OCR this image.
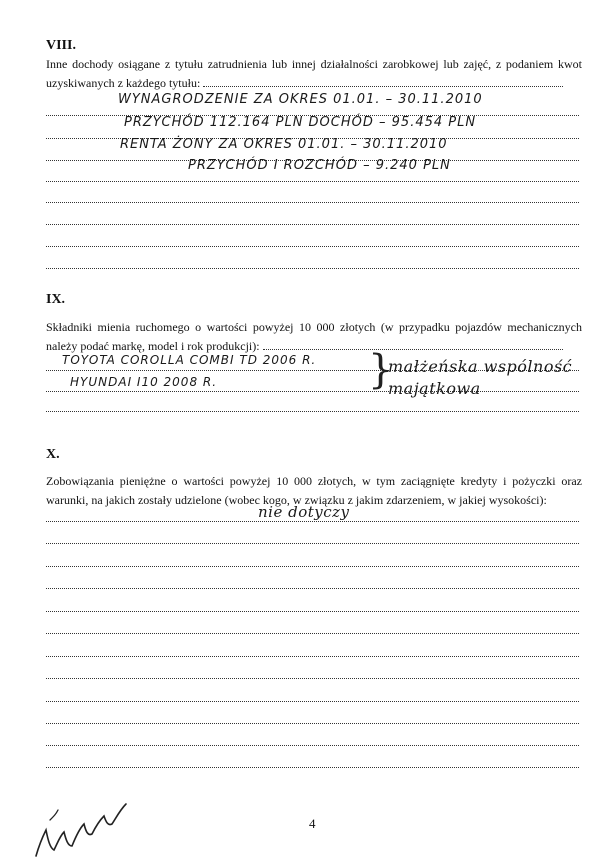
VIII.
Inne dochody osiągane z tytułu zatrudnienia lub innej działalności zarobkowej lub zajęć, z podaniem kwot uzyskiwanych z każdego tytułu:
WYNAGRODZENIE ZA OKRES 01.01. – 30.11.2010
PRZYCHÓD 112.164 PLN DOCHÓD – 95.454 PLN
RENTA ŻONY ZA OKRES 01.01. – 30.11.2010
PRZYCHÓD I ROZCHÓD – 9.240 PLN
IX.
Składniki mienia ruchomego o wartości powyżej 10 000 złotych (w przypadku pojazdów mechanicznych należy podać markę, model i rok produkcji):
TOYOTA COROLLA COMBI TD 2006 R.
HYUNDAI I10 2008 R.	}
małżeńska wspólność majątkowa
X.
Zobowiązania pieniężne o wartości powyżej 10 000 złotych, w tym zaciągnięte kredyty i pożyczki oraz warunki, na jakich zostały udzielone (wobec kogo, w związku z jakim zdarzeniem, w jakiej wysokości):
nie dotyczy
4
